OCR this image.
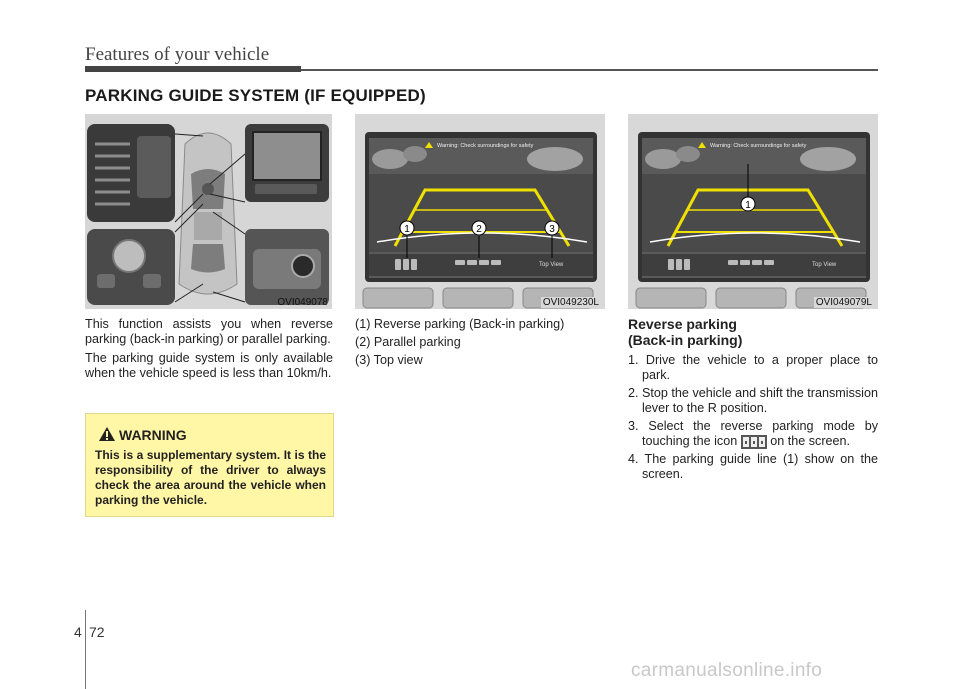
Features of your vehicle
PARKING GUIDE SYSTEM (IF EQUIPPED)
OVI049078
Warning: Check surroundings for safety
Top View
1	2	3
OVI049230L
Warning: Check surroundings for safety
Top View
1
OVI049079L

This function assists you when reverse parking (back-in parking) or parallel parking.

The parking guide system is only available when the vehicle speed is less than 10km/h.

(1) Reverse parking (Back-in parking)
(2) Parallel parking
(3) Top view
Reverse parking
(Back-in parking)
1. Drive the vehicle to a proper place to park.
2. Stop the vehicle and shift the transmission lever to the R position.
3. Select the reverse parking mode by touching the icon	on the screen.
4. The parking guide line (1) show on the screen.
WARNING
This is a supplementary system. It is the responsibility of the driver to always check the area around the vehicle when parking the vehicle.
4 72
carmanualsonline.info
